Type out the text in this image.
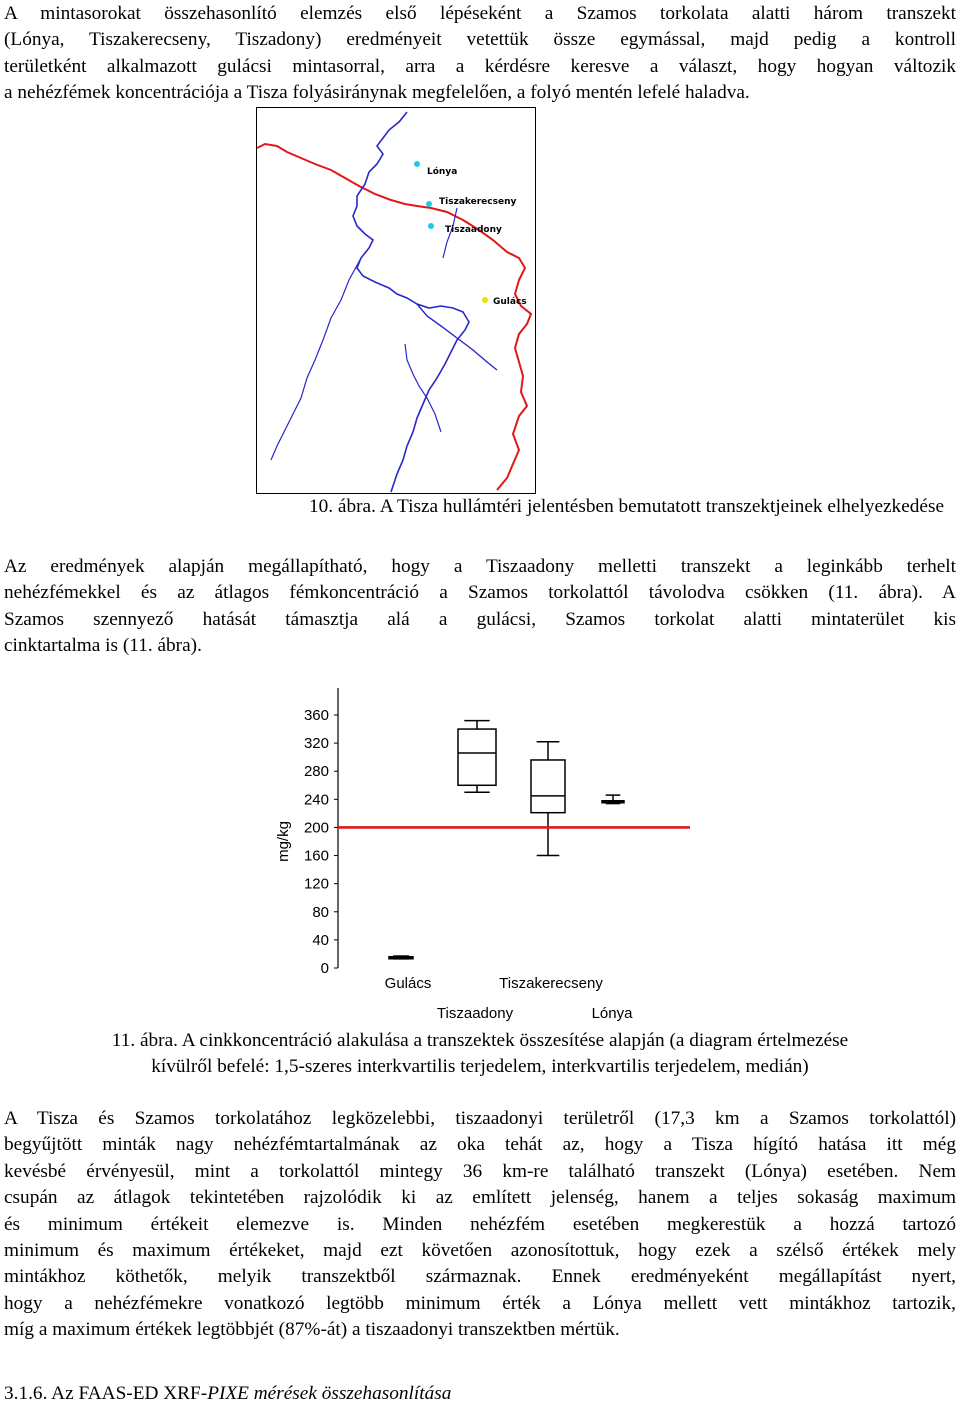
A mintasorokat összehasonlító elemzés első lépéseként a Szamos torkolata alatti három transzekt
(Lónya, Tiszakerecseny, Tiszadony) eredményeit vetettük össze egymással, majd pedig a kontroll
területként alkalmazott gulácsi mintasorral, arra a kérdésre keresve a választ, hogy hogyan változik
a nehézfémek koncentrációja a Tisza folyásiránynak megfelelően, a folyó mentén lefelé haladva.
Lónya
Tiszakerecseny
Tiszaadony
Gulács
10. ábra. A Tisza hullámtéri jelentésben bemutatott transzektjeinek elhelyezkedése
Az eredmények alapján megállapítható, hogy a Tiszaadony melletti transzekt a leginkább terhelt
nehézfémekkel és az átlagos fémkoncentráció a Szamos torkolattól távolodva csökken (11. ábra). A
Szamos szennyező hatását támasztja alá a gulácsi, Szamos torkolat alatti mintaterület kis
cinktartalma is (11. ábra).
0
40
80
120
160
200
240
280
320
360
Gulács
Tiszaadony
Tiszakerecseny
Lónya
mg/kg
11. ábra. A cinkkoncentráció alakulása a transzektek összesítése alapján (a diagram értelmezése
kívülről befelé: 1,5-szeres interkvartilis terjedelem, interkvartilis terjedelem, medián)
A Tisza és Szamos torkolatához legközelebbi, tiszaadonyi területről (17,3 km a Szamos torkolattól)
begyűjtött minták nagy nehézfémtartalmának az oka tehát az, hogy a Tisza hígító hatása itt még
kevésbé érvényesül, mint a torkolattól mintegy 36 km-re található transzekt (Lónya) esetében. Nem
csupán az átlagok tekintetében rajzolódik ki az említett jelenség, hanem a teljes sokaság maximum
és minimum értékeit elemezve is. Minden nehézfém esetében megkerestük a hozzá tartozó
minimum és maximum értékeket, majd ezt követően azonosítottuk, hogy ezek a szélső értékek mely
mintákhoz köthetők, melyik transzektből származnak. Ennek eredményeként megállapítást nyert,
hogy a nehézfémekre vonatkozó legtöbb minimum érték a Lónya mellett vett mintákhoz tartozik,
míg a maximum értékek legtöbbjét (87%-át) a tiszaadonyi transzektben mértük.
3.1.6. Az FAAS-ED XRF-PIXE mérések összehasonlítása
